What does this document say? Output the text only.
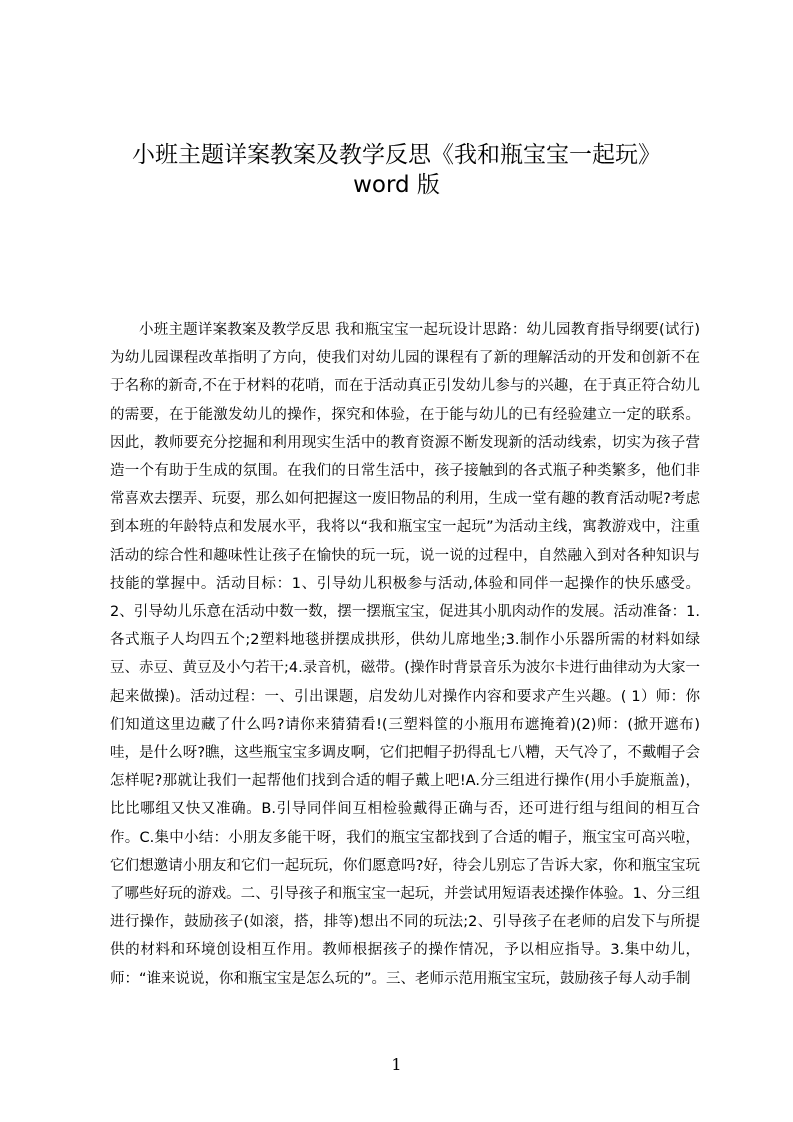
小班主题详案教案及教学反思《我和瓶宝宝一起玩》
word 版

小班主题详案教案及教学反思 我和瓶宝宝一起玩设计思路：幼儿园教育指导纲要(试行)为幼儿园课程改革指明了方向，使我们对幼儿园的课程有了新的理解活动的开发和创新不在于名称的新奇,不在于材料的花哨，而在于活动真正引发幼儿参与的兴趣，在于真正符合幼儿的需要，在于能激发幼儿的操作，探究和体验，在于能与幼儿的已有经验建立一定的联系。因此，教师要充分挖掘和利用现实生活中的教育资源不断发现新的活动线索，切实为孩子营造一个有助于生成的氛围。在我们的日常生活中，孩子接触到的各式瓶子种类繁多，他们非常喜欢去摆弄、玩耍，那么如何把握这一废旧物品的利用，生成一堂有趣的教育活动呢?考虑到本班的年龄特点和发展水平，我将以“我和瓶宝宝一起玩”为活动主线，寓教游戏中，注重活动的综合性和趣味性让孩子在愉快的玩一玩，说一说的过程中，自然融入到对各种知识与技能的掌握中。活动目标：1、引导幼儿积极参与活动,体验和同伴一起操作的快乐感受。 2、引导幼儿乐意在活动中数一数，摆一摆瓶宝宝，促进其小肌肉动作的发展。活动准备：1.各式瓶子人均四五个;2塑料地毯拼摆成拱形，供幼儿席地坐;3.制作小乐器所需的材料如绿豆、赤豆、黄豆及小勺若干;4.录音机，磁带。(操作时背景音乐为波尔卡进行曲律动为大家一起来做操)。活动过程：一、引出课题，启发幼儿对操作内容和要求产生兴趣。( 1）师：你们知道这里边藏了什么吗?请你来猜猜看!(三塑料筐的小瓶用布遮掩着)(2)师：(掀开遮布)哇，是什么呀?瞧，这些瓶宝宝多调皮啊，它们把帽子扔得乱七八糟，天气冷了，不戴帽子会怎样呢?那就让我们一起帮他们找到合适的帽子戴上吧!A.分三组进行操作(用小手旋瓶盖)，比比哪组又快又准确。B.引导同伴间互相检验戴得正确与否，还可进行组与组间的相互合作。C.集中小结：小朋友多能干呀，我们的瓶宝宝都找到了合适的帽子，瓶宝宝可高兴啦，它们想邀请小朋友和它们一起玩玩，你们愿意吗?好，待会儿别忘了告诉大家，你和瓶宝宝玩了哪些好玩的游戏。二、引导孩子和瓶宝宝一起玩，并尝试用短语表述操作体验。1、分三组进行操作，鼓励孩子(如滚，搭，排等)想出不同的玩法;2、引导孩子在老师的启发下与所提供的材料和环境创设相互作用。教师根据孩子的操作情况，予以相应指导。3.集中幼儿，师：“谁来说说，你和瓶宝宝是怎么玩的”。三、老师示范用瓶宝宝玩，鼓励孩子每人动手制

1
